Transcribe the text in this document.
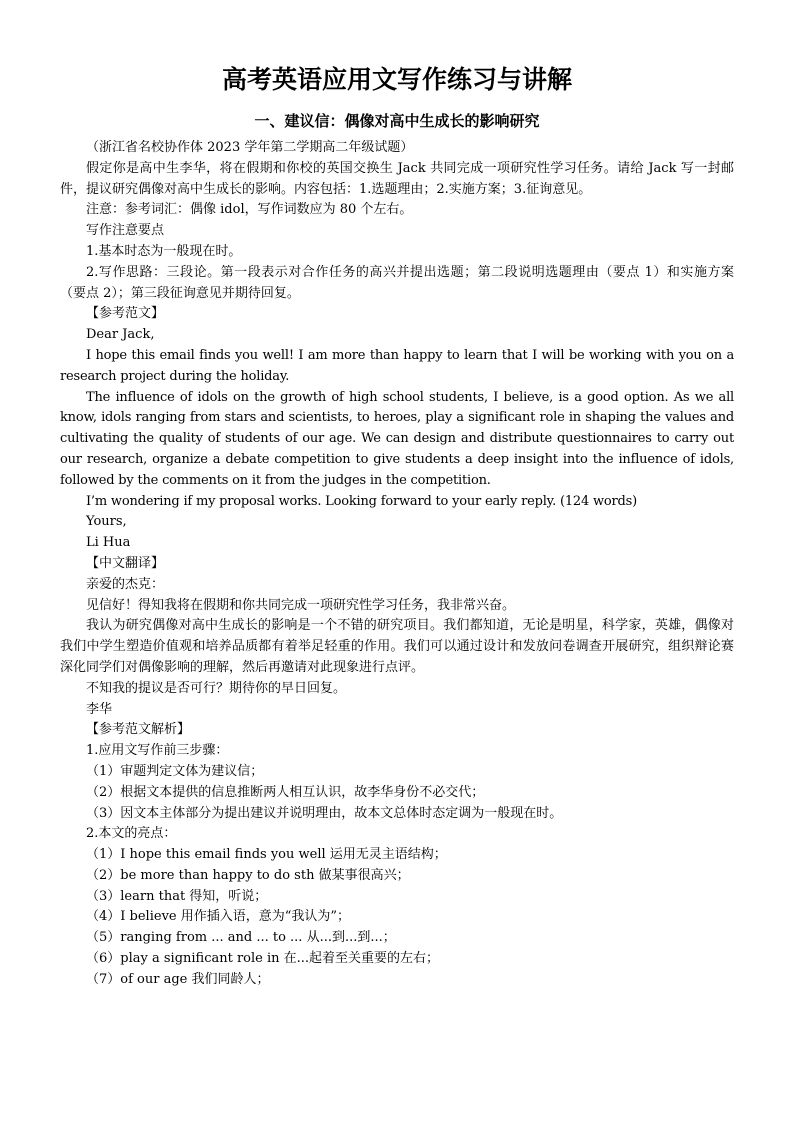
高考英语应用文写作练习与讲解
一、建议信：偶像对高中生成长的影响研究

（浙江省名校协作体 2023 学年第二学期高二年级试题）

假定你是高中生李华，将在假期和你校的英国交换生 Jack 共同完成一项研究性学习任务。请给 Jack 写一封邮件，提议研究偶像对高中生成长的影响。内容包括：1.选题理由；2.实施方案；3.征询意见。

注意：参考词汇：偶像 idol，写作词数应为 80 个左右。

写作注意要点

1.基本时态为一般现在时。

2.写作思路：三段论。第一段表示对合作任务的高兴并提出选题；第二段说明选题理由（要点 1）和实施方案（要点 2）；第三段征询意见并期待回复。

【参考范文】

Dear Jack,

I hope this email finds you well! I am more than happy to learn that I will be working with you on a research project during the holiday.

The influence of idols on the growth of high school students, I believe, is a good option. As we all know, idols ranging from stars and scientists, to heroes, play a significant role in shaping the values and cultivating the quality of students of our age. We can design and distribute questionnaires to carry out our research, organize a debate competition to give students a deep insight into the influence of idols, followed by the comments on it from the judges in the competition.

I’m wondering if my proposal works. Looking forward to your early reply. (124 words)

Yours,

Li Hua

【中文翻译】

亲爱的杰克：

见信好！得知我将在假期和你共同完成一项研究性学习任务，我非常兴奋。

我认为研究偶像对高中生成长的影响是一个不错的研究项目。我们都知道，无论是明星，科学家，英雄，偶像对我们中学生塑造价值观和培养品质都有着举足轻重的作用。我们可以通过设计和发放问卷调查开展研究，组织辩论赛深化同学们对偶像影响的理解，然后再邀请对此现象进行点评。

不知我的提议是否可行？期待你的早日回复。

李华

【参考范文解析】

1.应用文写作前三步骤：

（1）审题判定文体为建议信；

（2）根据文本提供的信息推断两人相互认识，故李华身份不必交代；

（3）因文本主体部分为提出建议并说明理由，故本文总体时态定调为一般现在时。

2.本文的亮点：

（1）I hope this email finds you well 运用无灵主语结构；

（2）be more than happy to do sth 做某事很高兴；

（3）learn that 得知，听说；

（4）I believe 用作插入语，意为“我认为”；

（5）ranging from ... and ... to ... 从...到...到...；

（6）play a significant role in 在...起着至关重要的左右；

（7）of our age 我们同龄人；
